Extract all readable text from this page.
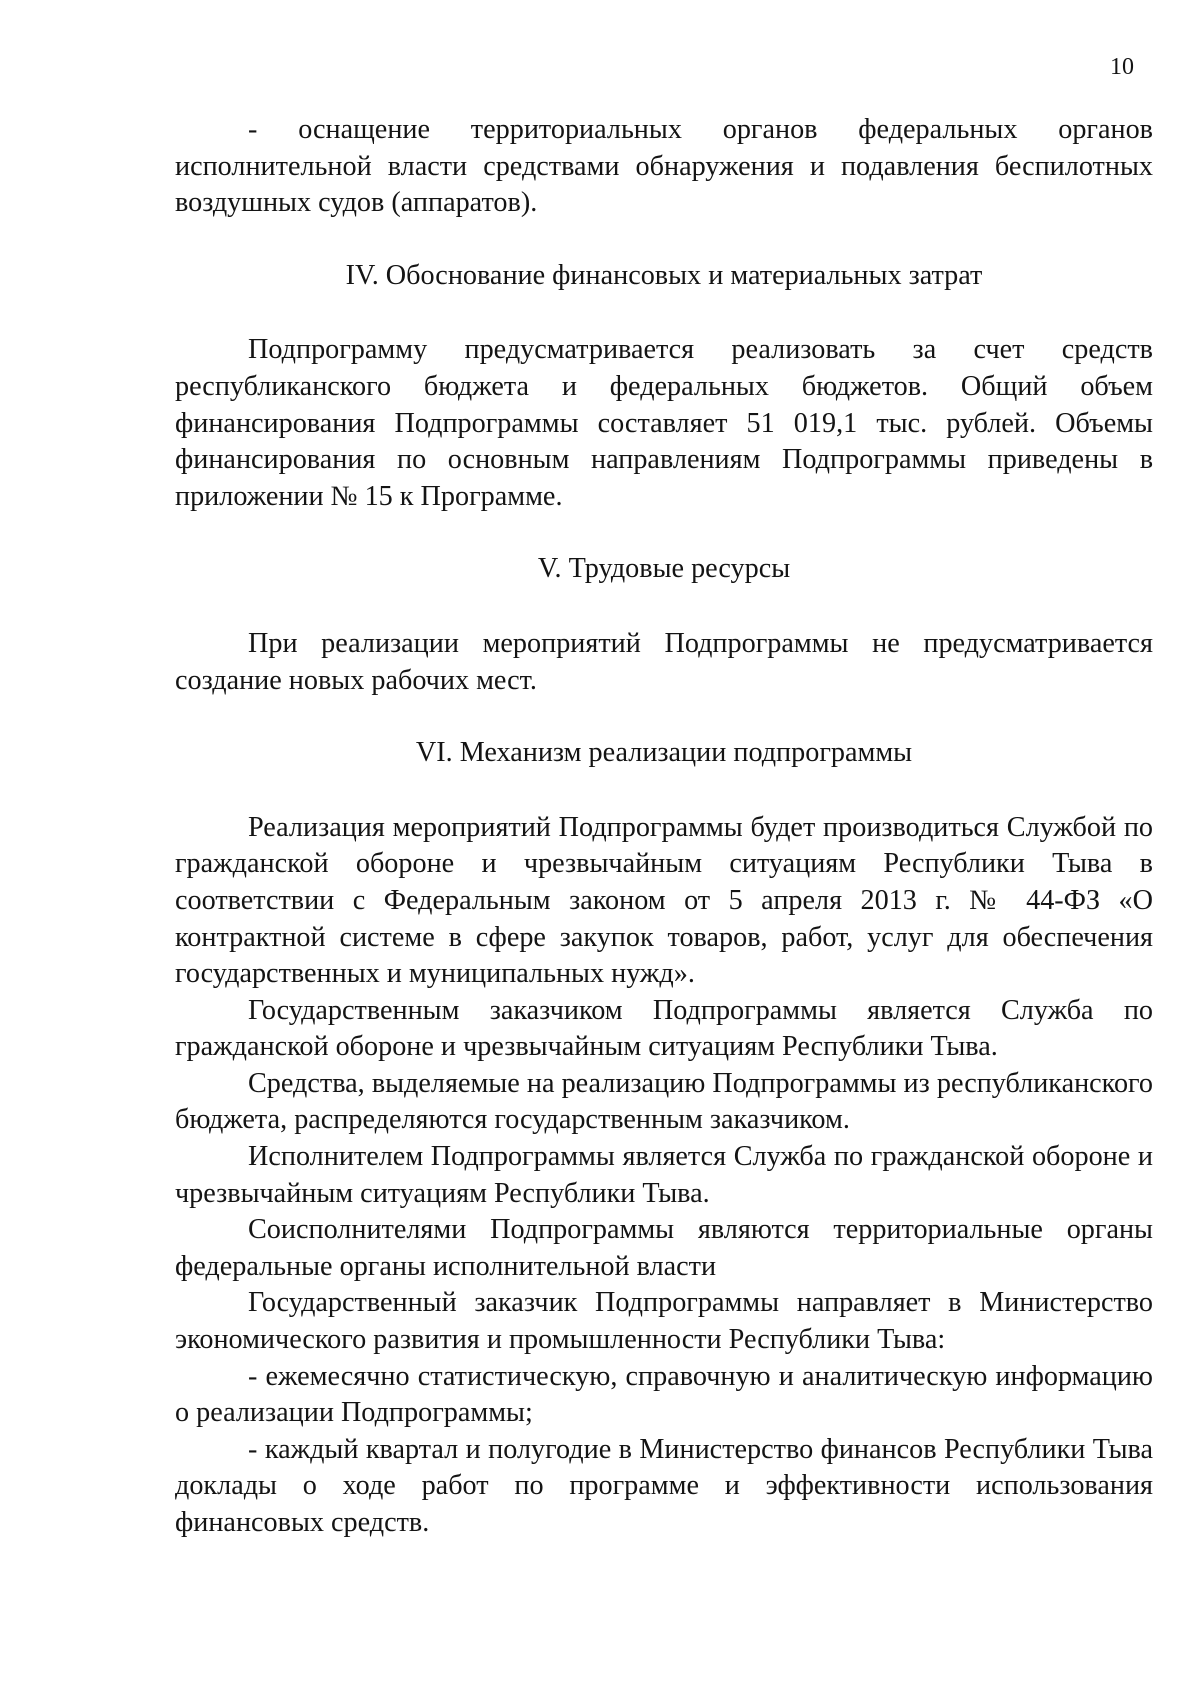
10

- оснащение территориальных органов федеральных органов исполнительной власти средствами обнаружения и подавления беспилотных воздушных судов (аппаратов).

IV. Обоснование финансовых и материальных затрат

Подпрограмму предусматривается реализовать за счет средств республиканского бюджета и федеральных бюджетов. Общий объем финансирования Подпрограммы составляет 51 019,1 тыс. рублей. Объемы финансирования по основным направлениям Подпрограммы приведены в приложении № 15 к Программе.

V. Трудовые ресурсы

При реализации мероприятий Подпрограммы не предусматривается создание новых рабочих мест.

VI. Механизм реализации подпрограммы

Реализация мероприятий Подпрограммы будет производиться Службой по гражданской обороне и чрезвычайным ситуациям Республики Тыва в соответствии с Федеральным законом от 5 апреля 2013 г. № 44-ФЗ «О контрактной системе в сфере закупок товаров, работ, услуг для обеспечения государственных и муниципальных нужд».

Государственным заказчиком Подпрограммы является Служба по гражданской обороне и чрезвычайным ситуациям Республики Тыва.

Средства, выделяемые на реализацию Подпрограммы из республиканского бюджета, распределяются государственным заказчиком.

Исполнителем Подпрограммы является Служба по гражданской обороне и чрезвычайным ситуациям Республики Тыва.

Соисполнителями Подпрограммы являются территориальные органы федеральные органы исполнительной власти

Государственный заказчик Подпрограммы направляет в Министерство экономического развития и промышленности Республики Тыва:

- ежемесячно статистическую, справочную и аналитическую информацию о реализации Подпрограммы;

- каждый квартал и полугодие в Министерство финансов Республики Тыва доклады о ходе работ по программе и эффективности использования финансовых средств.
